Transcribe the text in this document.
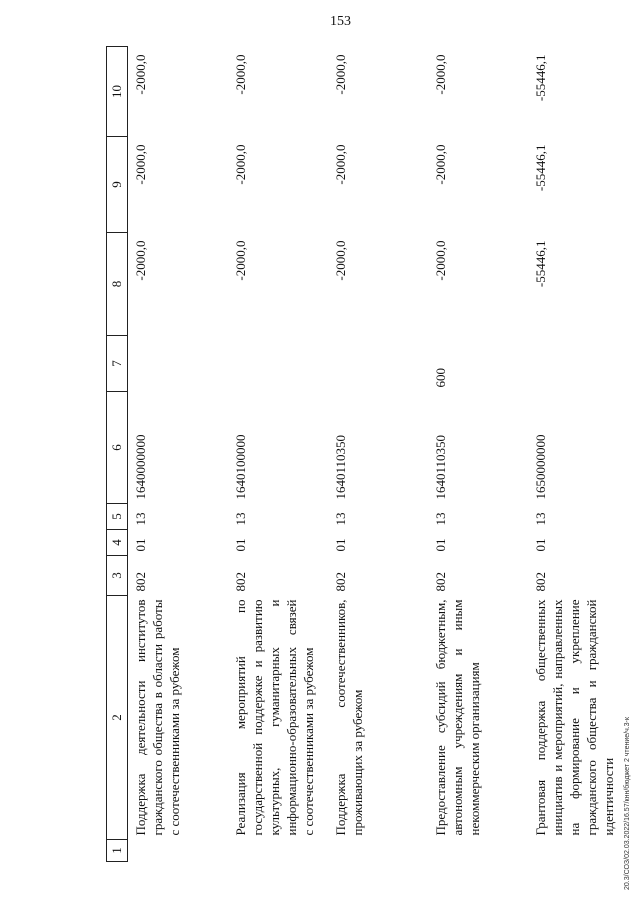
153
20.3/СОЗ/02.03.2022/16.57/кнн/бюджет 2 чтение/ч.3-к
1	2	3	4	5	6	7	8	9	10
	Поддержка деятельности институтов гражданского общества в области работы с соотечественниками за рубежом	802	01	13	1640000000		-2000,0	-2000,0	-2000,0
	Реализация мероприятий по государственной поддержке и развитию культурных, гуманитарных и информационно-образовательных связей с соотечественниками за рубежом	802	01	13	1640100000		-2000,0	-2000,0	-2000,0
	Поддержка соотечественников, проживающих за рубежом	802	01	13	1640110350		-2000,0	-2000,0	-2000,0
	Предоставление субсидий бюджетным, автономным учреждениям и иным некоммерческим организациям	802	01	13	1640110350	600	-2000,0	-2000,0	-2000,0
	Грантовая поддержка общественных инициатив и мероприятий, направленных на формирование и укрепление гражданского общества и гражданской идентичности	802	01	13	1650000000		-55446,1	-55446,1	-55446,1
